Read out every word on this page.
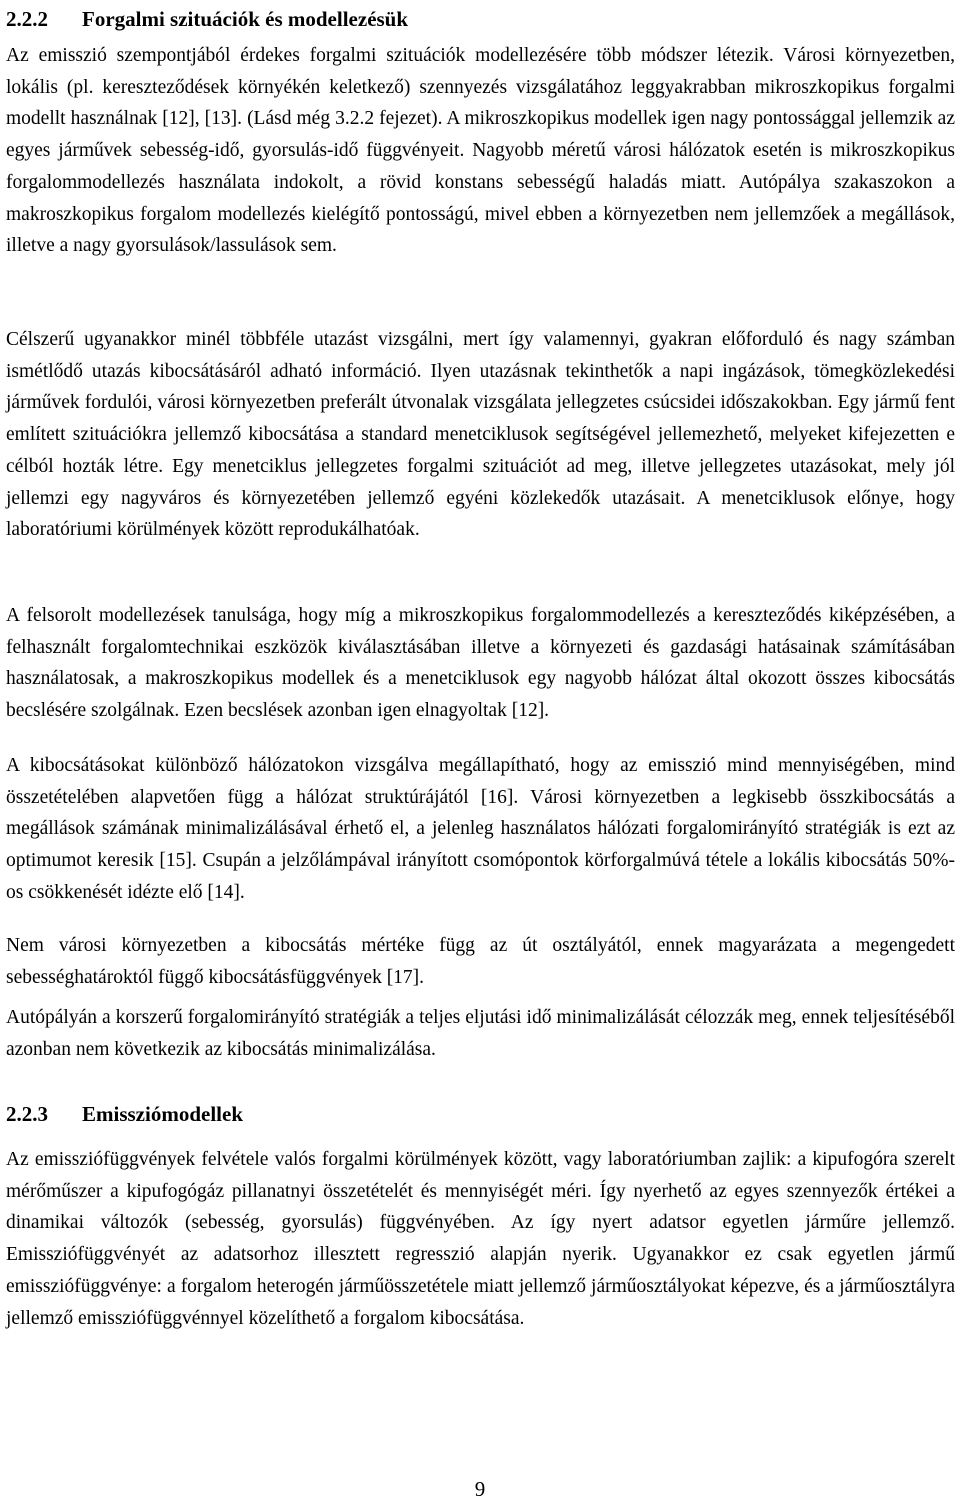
2.2.2 Forgalmi szituációk és modellezésük

Az emisszió szempontjából érdekes forgalmi szituációk modellezésére több módszer létezik. Városi környezetben, lokális (pl. kereszteződések környékén keletkező) szennyezés vizsgálatához leggyakrabban mikroszkopikus forgalmi modellt használnak [12], [13]. (Lásd még 3.2.2 fejezet). A mikroszkopikus modellek igen nagy pontossággal jellemzik az egyes járművek sebesség-idő, gyorsulás-idő függvényeit. Nagyobb méretű városi hálózatok esetén is mikroszkopikus forgalommodellezés használata indokolt, a rövid konstans sebességű haladás miatt. Autópálya szakaszokon a makroszkopikus forgalom modellezés kielégítő pontosságú, mivel ebben a környezetben nem jellemzőek a megállások, illetve a nagy gyorsulások/lassulások sem.

Célszerű ugyanakkor minél többféle utazást vizsgálni, mert így valamennyi, gyakran előforduló és nagy számban ismétlődő utazás kibocsátásáról adható információ. Ilyen utazásnak tekinthetők a napi ingázások, tömegközlekedési járművek fordulói, városi környezetben preferált útvonalak vizsgálata jellegzetes csúcsidei időszakokban. Egy jármű fent említett szituációkra jellemző kibocsátása a standard menetciklusok segítségével jellemezhető, melyeket kifejezetten e célból hozták létre. Egy menetciklus jellegzetes forgalmi szituációt ad meg, illetve jellegzetes utazásokat, mely jól jellemzi egy nagyváros és környezetében jellemző egyéni közlekedők utazásait. A menetciklusok előnye, hogy laboratóriumi körülmények között reprodukálhatóak.

A felsorolt modellezések tanulsága, hogy míg a mikroszkopikus forgalommodellezés a kereszteződés kiképzésében, a felhasznált forgalomtechnikai eszközök kiválasztásában illetve a környezeti és gazdasági hatásainak számításában használatosak, a makroszkopikus modellek és a menetciklusok egy nagyobb hálózat által okozott összes kibocsátás becslésére szolgálnak. Ezen becslések azonban igen elnagyoltak [12].

A kibocsátásokat különböző hálózatokon vizsgálva megállapítható, hogy az emisszió mind mennyiségében, mind összetételében alapvetően függ a hálózat struktúrájától [16]. Városi környezetben a legkisebb összkibocsátás a megállások számának minimalizálásával érhető el, a jelenleg használatos hálózati forgalomirányító stratégiák is ezt az optimumot keresik [15]. Csupán a jelzőlámpával irányított csomópontok körforgalmúvá tétele a lokális kibocsátás 50%-os csökkenését idézte elő [14].

Nem városi környezetben a kibocsátás mértéke függ az út osztályától, ennek magyarázata a megengedett sebességhatároktól függő kibocsátásfüggvények [17].

Autópályán a korszerű forgalomirányító stratégiák a teljes eljutási idő minimalizálását célozzák meg, ennek teljesítéséből azonban nem következik az kibocsátás minimalizálása.

2.2.3 Emissziómodellek

Az emissziófüggvények felvétele valós forgalmi körülmények között, vagy laboratóriumban zajlik: a kipufogóra szerelt mérőműszer a kipufogógáz pillanatnyi összetételét és mennyiségét méri. Így nyerhető az egyes szennyezők értékei a dinamikai változók (sebesség, gyorsulás) függvényében. Az így nyert adatsor egyetlen járműre jellemző. Emissziófüggvényét az adatsorhoz illesztett regresszió alapján nyerik. Ugyanakkor ez csak egyetlen jármű emissziófüggvénye: a forgalom heterogén járműösszetétele miatt jellemző járműosztályokat képezve, és a járműosztályra jellemző emissziófüggvénnyel közelíthető a forgalom kibocsátása.

9
